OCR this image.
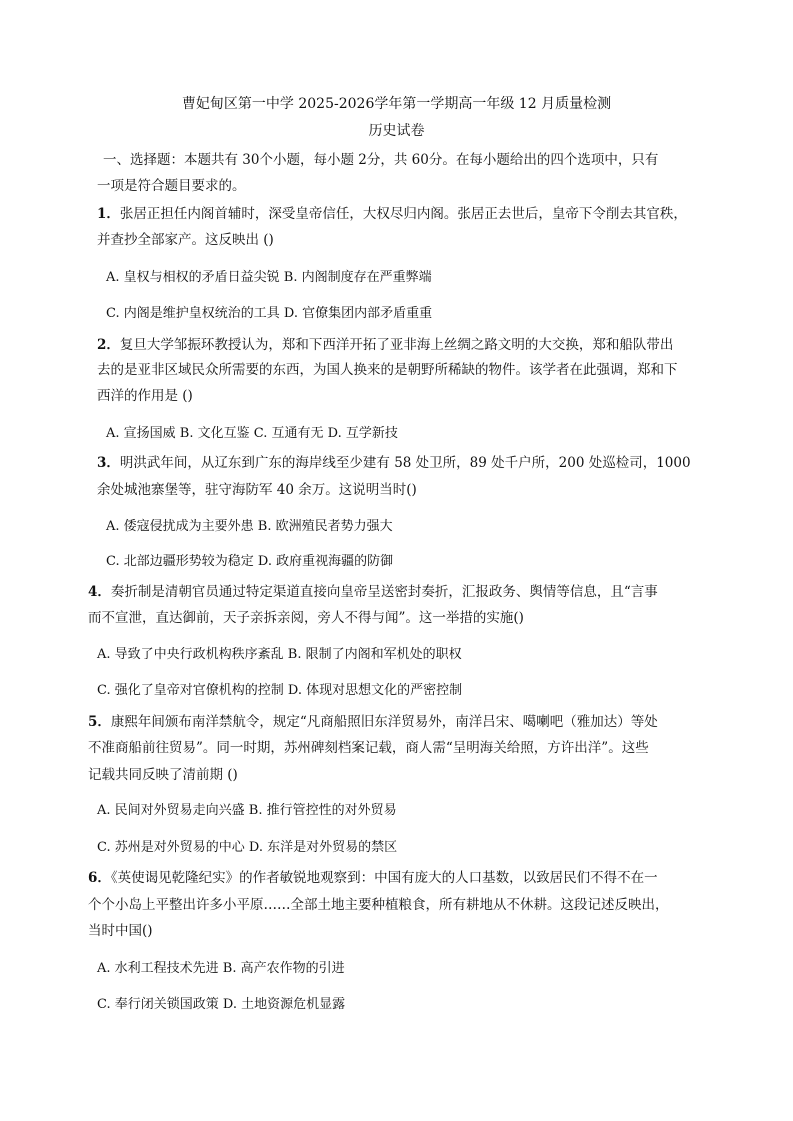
曹妃甸区第一中学 2025-2026学年第一学期高一年级 12 月质量检测
历史试卷
一、选择题：本题共有 30个小题，每小题 2分，共 60分。在每小题给出的四个选项中，只有
一项是符合题目要求的。
1．张居正担任内阁首辅时，深受皇帝信任，大权尽归内阁。张居正去世后，皇帝下令削去其官秩，
并查抄全部家产。这反映出 ()
A. 皇权与相权的矛盾日益尖锐 B. 内阁制度存在严重弊端
C. 内阁是维护皇权统治的工具 D. 官僚集团内部矛盾重重
2．复旦大学邹振环教授认为，郑和下西洋开拓了亚非海上丝绸之路文明的大交换，郑和船队带出
去的是亚非区域民众所需要的东西，为国人换来的是朝野所稀缺的物件。该学者在此强调，郑和下
西洋的作用是 ()
A. 宣扬国威 B. 文化互鉴 C. 互通有无 D. 互学新技
3．明洪武年间，从辽东到广东的海岸线至少建有 58 处卫所，89 处千户所，200 处巡检司，1000
余处城池寨堡等，驻守海防军 40 余万。这说明当时()
A. 倭寇侵扰成为主要外患 B. 欧洲殖民者势力强大
C. 北部边疆形势较为稳定 D. 政府重视海疆的防御
4．奏折制是清朝官员通过特定渠道直接向皇帝呈送密封奏折，汇报政务、舆情等信息，且“言事
而不宣泄，直达御前，天子亲拆亲阅，旁人不得与闻”。这一举措的实施()
A. 导致了中央行政机构秩序紊乱 B. 限制了内阁和军机处的职权
C. 强化了皇帝对官僚机构的控制 D. 体现对思想文化的严密控制
5．康熙年间颁布南洋禁航令，规定“凡商船照旧东洋贸易外，南洋吕宋、噶喇吧（雅加达）等处
不准商船前往贸易”。同一时期，苏州碑刻档案记载，商人需“呈明海关给照，方许出洋”。这些
记载共同反映了清前期 ()
A. 民间对外贸易走向兴盛 B. 推行管控性的对外贸易
C. 苏州是对外贸易的中心 D. 东洋是对外贸易的禁区
6．《英使谒见乾隆纪实》的作者敏锐地观察到：中国有庞大的人口基数，以致居民们不得不在一
个个小岛上平整出许多小平原……全部土地主要种植粮食，所有耕地从不休耕。这段记述反映出，
当时中国()
A. 水利工程技术先进 B. 高产农作物的引进
C. 奉行闭关锁国政策 D. 土地资源危机显露
